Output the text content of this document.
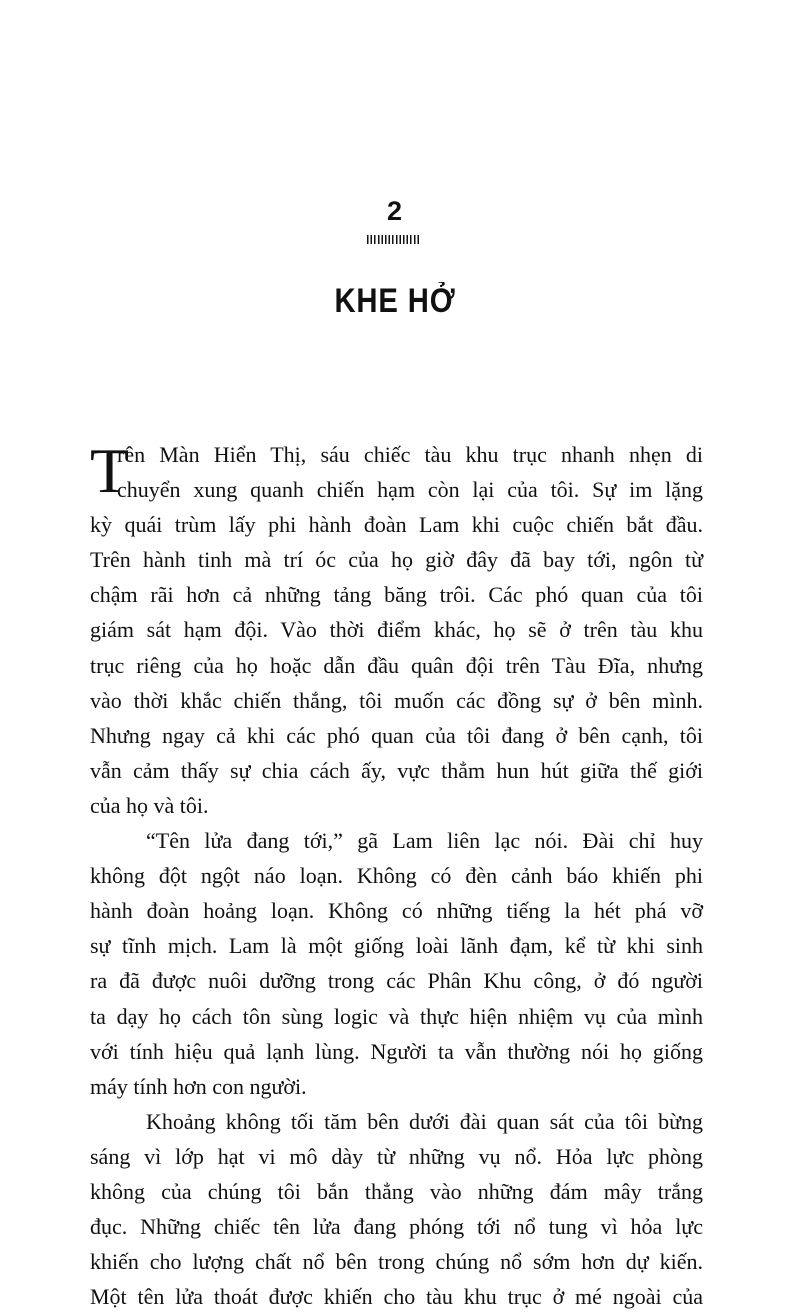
2
KHE HỞ
T
rên Màn Hiển Thị, sáu chiếc tàu khu trục nhanh nhẹn di
chuyển xung quanh chiến hạm còn lại của tôi. Sự im lặng
kỳ quái trùm lấy phi hành đoàn Lam khi cuộc chiến bắt đầu.
Trên hành tinh mà trí óc của họ giờ đây đã bay tới, ngôn từ
chậm rãi hơn cả những tảng băng trôi. Các phó quan của tôi
giám sát hạm đội. Vào thời điểm khác, họ sẽ ở trên tàu khu
trục riêng của họ hoặc dẫn đầu quân đội trên Tàu Đĩa, nhưng
vào thời khắc chiến thắng, tôi muốn các đồng sự ở bên mình.
Nhưng ngay cả khi các phó quan của tôi đang ở bên cạnh, tôi
vẫn cảm thấy sự chia cách ấy, vực thẳm hun hút giữa thế giới
của họ và tôi.
“Tên lửa đang tới,” gã Lam liên lạc nói. Đài chỉ huy
không đột ngột náo loạn. Không có đèn cảnh báo khiến phi
hành đoàn hoảng loạn. Không có những tiếng la hét phá vỡ
sự tĩnh mịch. Lam là một giống loài lãnh đạm, kể từ khi sinh
ra đã được nuôi dưỡng trong các Phân Khu công, ở đó người
ta dạy họ cách tôn sùng logic và thực hiện nhiệm vụ của mình
với tính hiệu quả lạnh lùng. Người ta vẫn thường nói họ giống
máy tính hơn con người.
Khoảng không tối tăm bên dưới đài quan sát của tôi bừng
sáng vì lớp hạt vi mô dày từ những vụ nổ. Hỏa lực phòng
không của chúng tôi bắn thẳng vào những đám mây trắng
đục. Những chiếc tên lửa đang phóng tới nổ tung vì hỏa lực
khiến cho lượng chất nổ bên trong chúng nổ sớm hơn dự kiến.
Một tên lửa thoát được khiến cho tàu khu trục ở mé ngoài của
